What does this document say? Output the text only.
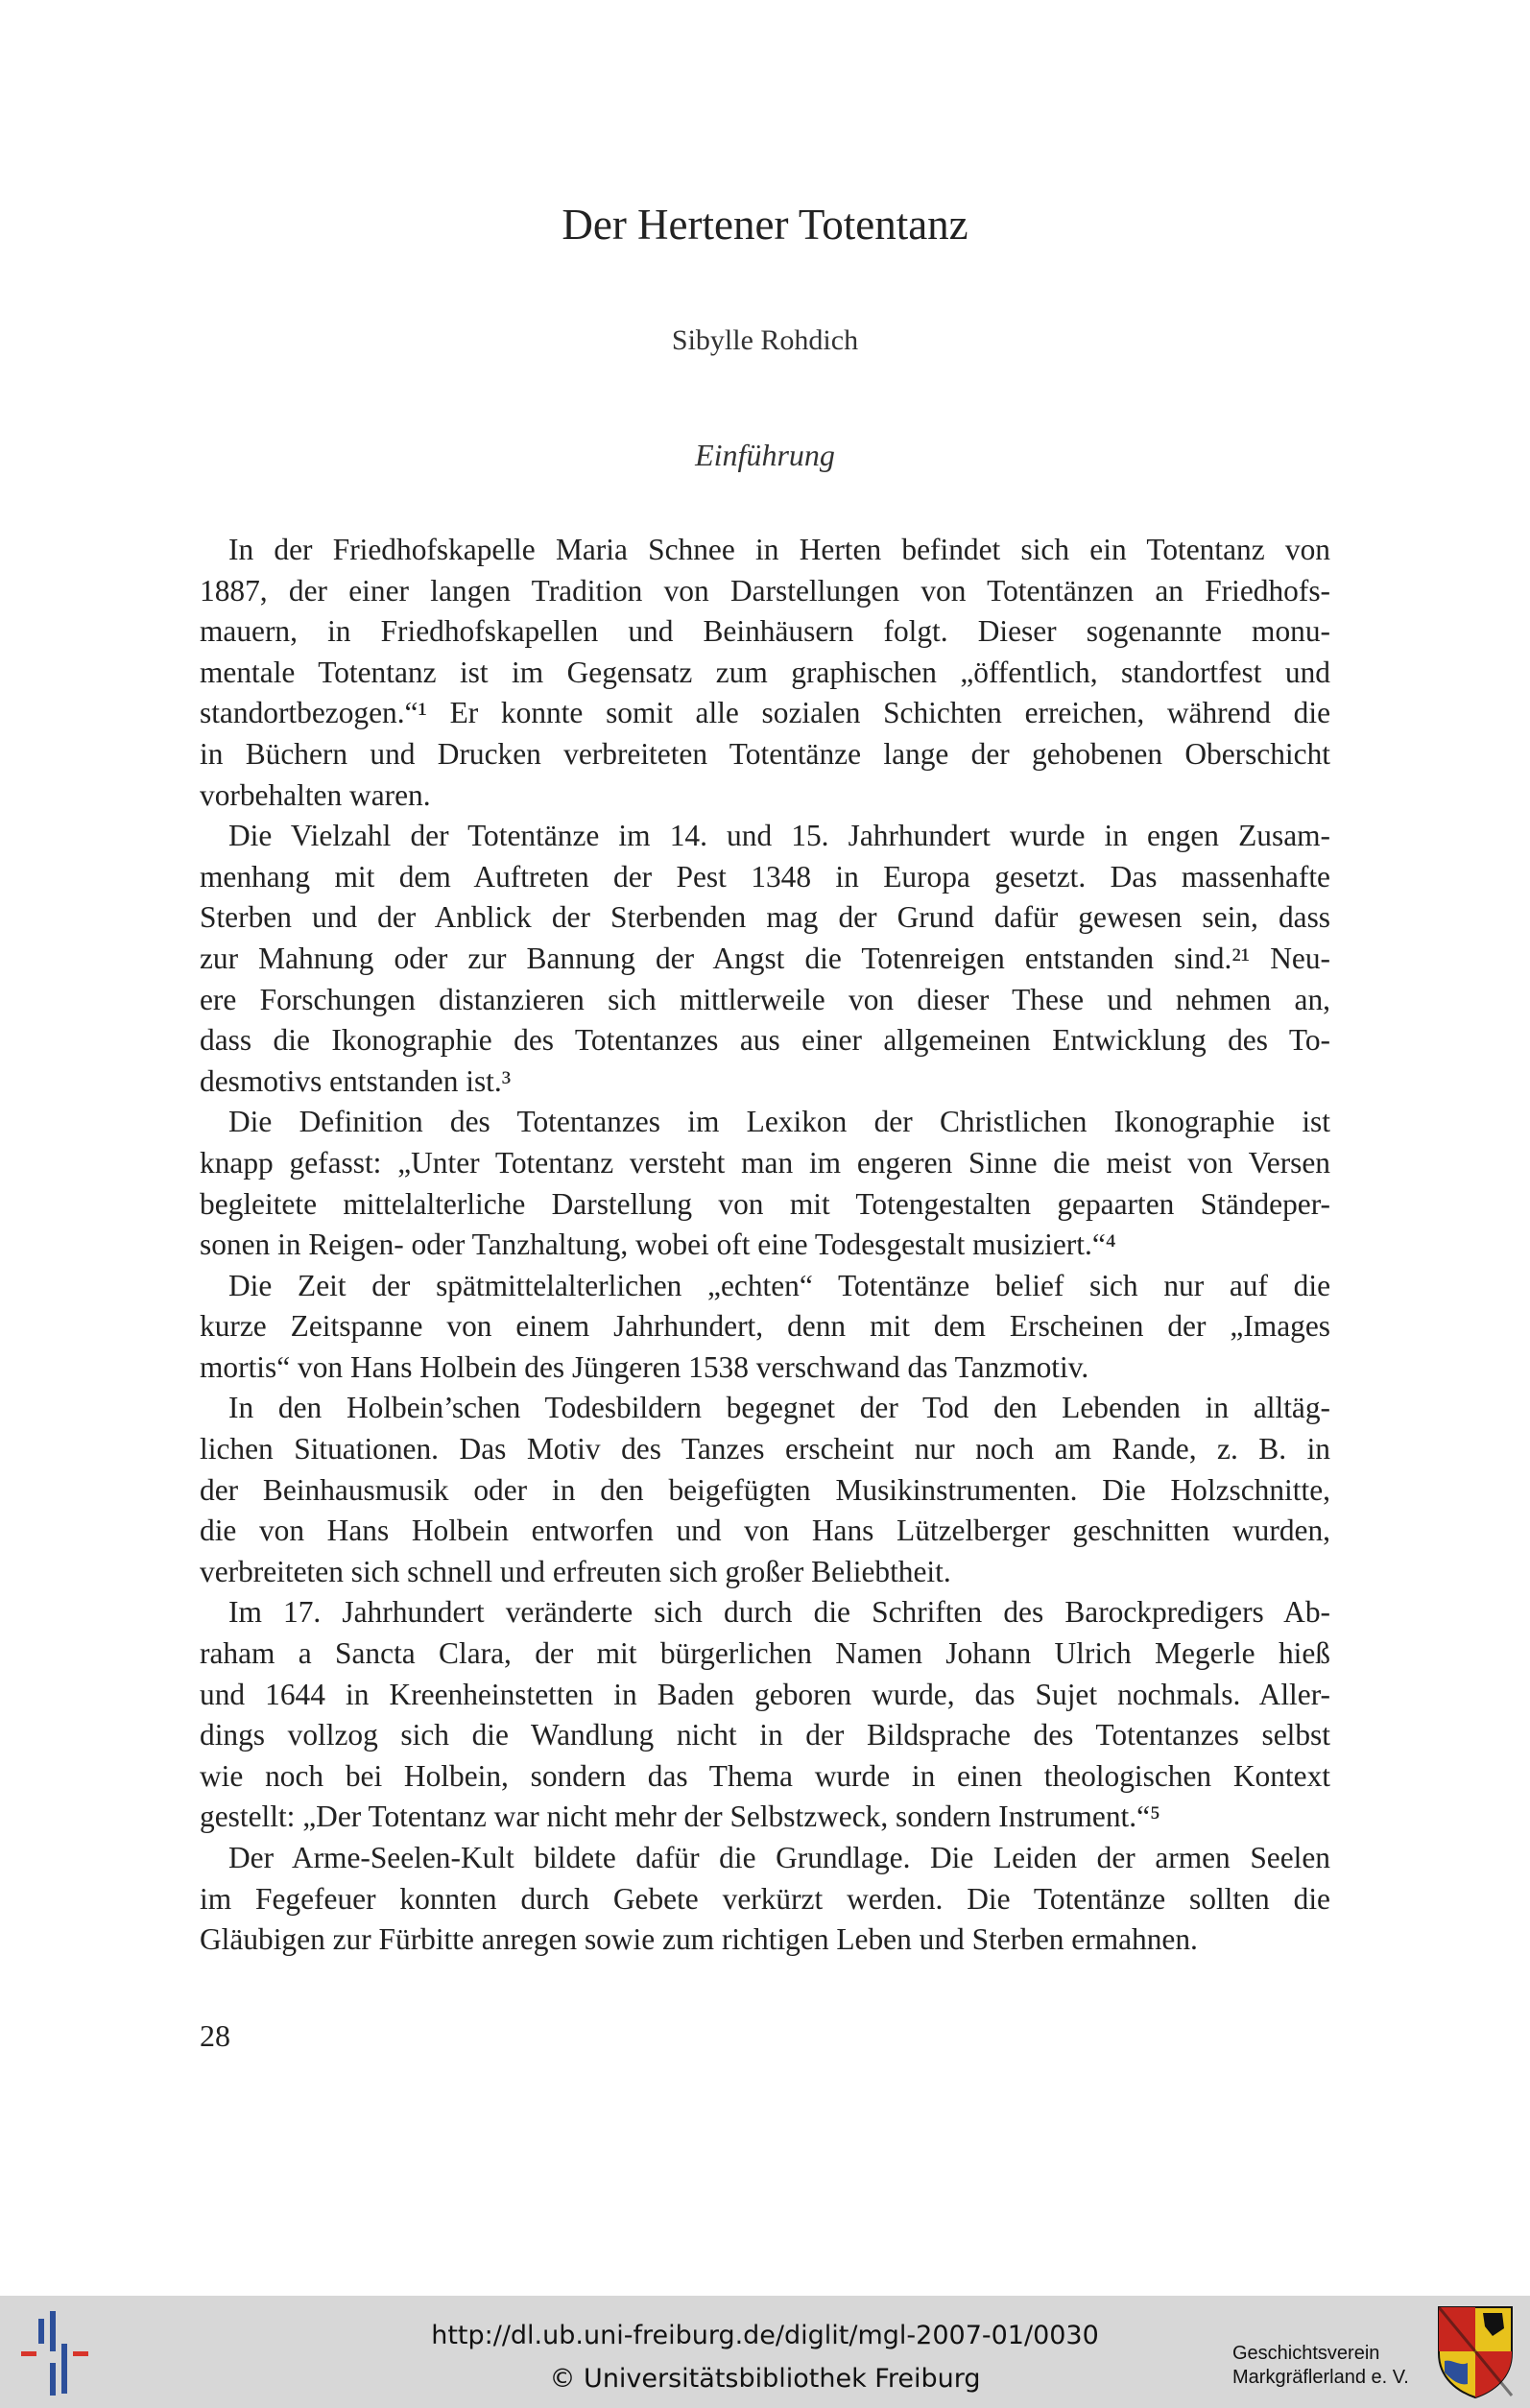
Der Hertener Totentanz
Sibylle Rohdich
Einführung

In der Friedhofskapelle Maria Schnee in Herten befindet sich ein Totentanz von
1887, der einer langen Tradition von Darstellungen von Totentänzen an Friedhofs-
mauern, in Friedhofskapellen und Beinhäusern folgt. Dieser sogenannte monu-
mentale Totentanz ist im Gegensatz zum graphischen „öffentlich, standortfest und
standortbezogen.“¹ Er konnte somit alle sozialen Schichten erreichen, während die
in Büchern und Drucken verbreiteten Totentänze lange der gehobenen Oberschicht
vorbehalten waren.

Die Vielzahl der Totentänze im 14. und 15. Jahrhundert wurde in engen Zusam-
menhang mit dem Auftreten der Pest 1348 in Europa gesetzt. Das massenhafte
Sterben und der Anblick der Sterbenden mag der Grund dafür gewesen sein, dass
zur Mahnung oder zur Bannung der Angst die Totenreigen entstanden sind.²¹ Neu-
ere Forschungen distanzieren sich mittlerweile von dieser These und nehmen an,
dass die Ikonographie des Totentanzes aus einer allgemeinen Entwicklung des To-
desmotivs entstanden ist.³

Die Definition des Totentanzes im Lexikon der Christlichen Ikonographie ist
knapp gefasst: „Unter Totentanz versteht man im engeren Sinne die meist von Versen
begleitete mittelalterliche Darstellung von mit Totengestalten gepaarten Ständeper-
sonen in Reigen- oder Tanzhaltung, wobei oft eine Todesgestalt musiziert.“⁴

Die Zeit der spätmittelalterlichen „echten“ Totentänze belief sich nur auf die
kurze Zeitspanne von einem Jahrhundert, denn mit dem Erscheinen der „Images
mortis“ von Hans Holbein des Jüngeren 1538 verschwand das Tanzmotiv.

In den Holbein’schen Todesbildern begegnet der Tod den Lebenden in alltäg-
lichen Situationen. Das Motiv des Tanzes erscheint nur noch am Rande, z. B. in
der Beinhausmusik oder in den beigefügten Musikinstrumenten. Die Holzschnitte,
die von Hans Holbein entworfen und von Hans Lützelberger geschnitten wurden,
verbreiteten sich schnell und erfreuten sich großer Beliebtheit.

Im 17. Jahrhundert veränderte sich durch die Schriften des Barockpredigers Ab-
raham a Sancta Clara, der mit bürgerlichen Namen Johann Ulrich Megerle hieß
und 1644 in Kreenheinstetten in Baden geboren wurde, das Sujet nochmals. Aller-
dings vollzog sich die Wandlung nicht in der Bildsprache des Totentanzes selbst
wie noch bei Holbein, sondern das Thema wurde in einen theologischen Kontext
gestellt: „Der Totentanz war nicht mehr der Selbstzweck, sondern Instrument.“⁵

Der Arme-Seelen-Kult bildete dafür die Grundlage. Die Leiden der armen Seelen
im Fegefeuer konnten durch Gebete verkürzt werden. Die Totentänze sollten die
Gläubigen zur Fürbitte anregen sowie zum richtigen Leben und Sterben ermahnen.

28
http://dl.ub.uni-freiburg.de/diglit/mgl-2007-01/0030
© Universitätsbibliothek Freiburg
Geschichtsverein
Markgräflerland e. V.
